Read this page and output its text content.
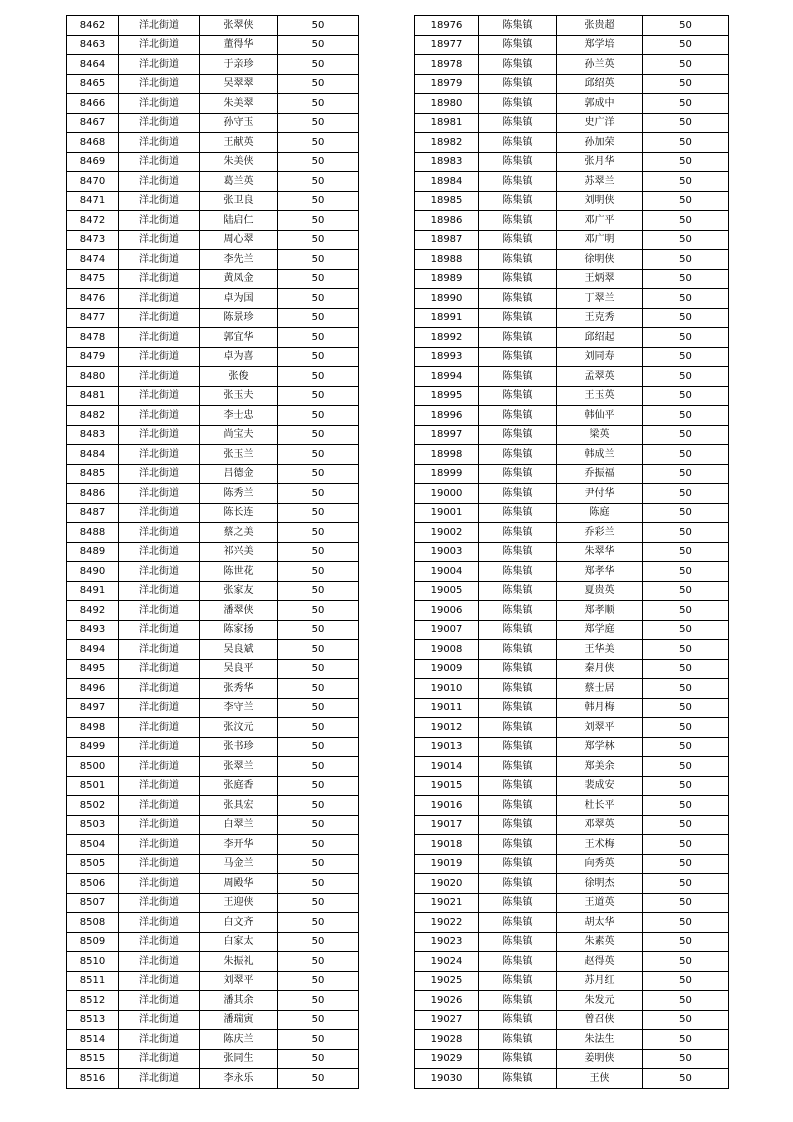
8462	洋北街道	张翠侠	50
8463	洋北街道	董得华	50
8464	洋北街道	于亲珍	50
8465	洋北街道	吴翠翠	50
8466	洋北街道	朱美翠	50
8467	洋北街道	孙守玉	50
8468	洋北街道	王献英	50
8469	洋北街道	朱美侠	50
8470	洋北街道	葛兰英	50
8471	洋北街道	张卫良	50
8472	洋北街道	陆启仁	50
8473	洋北街道	周心翠	50
8474	洋北街道	李先兰	50
8475	洋北街道	黄凤金	50
8476	洋北街道	卓为国	50
8477	洋北街道	陈景珍	50
8478	洋北街道	郭宜华	50
8479	洋北街道	卓为喜	50
8480	洋北街道	张俊	50
8481	洋北街道	张玉夫	50
8482	洋北街道	李士忠	50
8483	洋北街道	尚宝夫	50
8484	洋北街道	张玉兰	50
8485	洋北街道	吕德金	50
8486	洋北街道	陈秀兰	50
8487	洋北街道	陈长连	50
8488	洋北街道	蔡之美	50
8489	洋北街道	祁兴美	50
8490	洋北街道	陈世花	50
8491	洋北街道	张家友	50
8492	洋北街道	潘翠侠	50
8493	洋北街道	陈家扬	50
8494	洋北街道	吴良斌	50
8495	洋北街道	吴良平	50
8496	洋北街道	张秀华	50
8497	洋北街道	李守兰	50
8498	洋北街道	张汶元	50
8499	洋北街道	张书珍	50
8500	洋北街道	张翠兰	50
8501	洋北街道	张庭香	50
8502	洋北街道	张具宏	50
8503	洋北街道	白翠兰	50
8504	洋北街道	李开华	50
8505	洋北街道	马金兰	50
8506	洋北街道	周殿华	50
8507	洋北街道	王迎侠	50
8508	洋北街道	白文齐	50
8509	洋北街道	白家太	50
8510	洋北街道	朱振礼	50
8511	洋北街道	刘翠平	50
8512	洋北街道	潘其余	50
8513	洋北街道	潘瑞寅	50
8514	洋北街道	陈庆兰	50
8515	洋北街道	张同生	50
8516	洋北街道	李永乐	50
18976	陈集镇	张贵超	50
18977	陈集镇	郑学培	50
18978	陈集镇	孙兰英	50
18979	陈集镇	邱绍英	50
18980	陈集镇	郭成中	50
18981	陈集镇	史广洋	50
18982	陈集镇	孙加荣	50
18983	陈集镇	张月华	50
18984	陈集镇	苏翠兰	50
18985	陈集镇	刘明侠	50
18986	陈集镇	邓广平	50
18987	陈集镇	邓广明	50
18988	陈集镇	徐明侠	50
18989	陈集镇	王炳翠	50
18990	陈集镇	丁翠兰	50
18991	陈集镇	王克秀	50
18992	陈集镇	邱绍起	50
18993	陈集镇	刘同寿	50
18994	陈集镇	孟翠英	50
18995	陈集镇	王玉英	50
18996	陈集镇	韩仙平	50
18997	陈集镇	梁英	50
18998	陈集镇	韩成兰	50
18999	陈集镇	乔振福	50
19000	陈集镇	尹付华	50
19001	陈集镇	陈庭	50
19002	陈集镇	乔彩兰	50
19003	陈集镇	朱翠华	50
19004	陈集镇	郑孝华	50
19005	陈集镇	夏贵英	50
19006	陈集镇	郑孝顺	50
19007	陈集镇	郑学庭	50
19008	陈集镇	王华美	50
19009	陈集镇	秦月侠	50
19010	陈集镇	蔡士居	50
19011	陈集镇	韩月梅	50
19012	陈集镇	刘翠平	50
19013	陈集镇	郑学林	50
19014	陈集镇	郑美余	50
19015	陈集镇	裴成安	50
19016	陈集镇	杜长平	50
19017	陈集镇	邓翠英	50
19018	陈集镇	王术梅	50
19019	陈集镇	向秀英	50
19020	陈集镇	徐明杰	50
19021	陈集镇	王道英	50
19022	陈集镇	胡太华	50
19023	陈集镇	朱素英	50
19024	陈集镇	赵得英	50
19025	陈集镇	苏月红	50
19026	陈集镇	朱发元	50
19027	陈集镇	曾召侠	50
19028	陈集镇	朱法生	50
19029	陈集镇	姜明侠	50
19030	陈集镇	王侠	50
